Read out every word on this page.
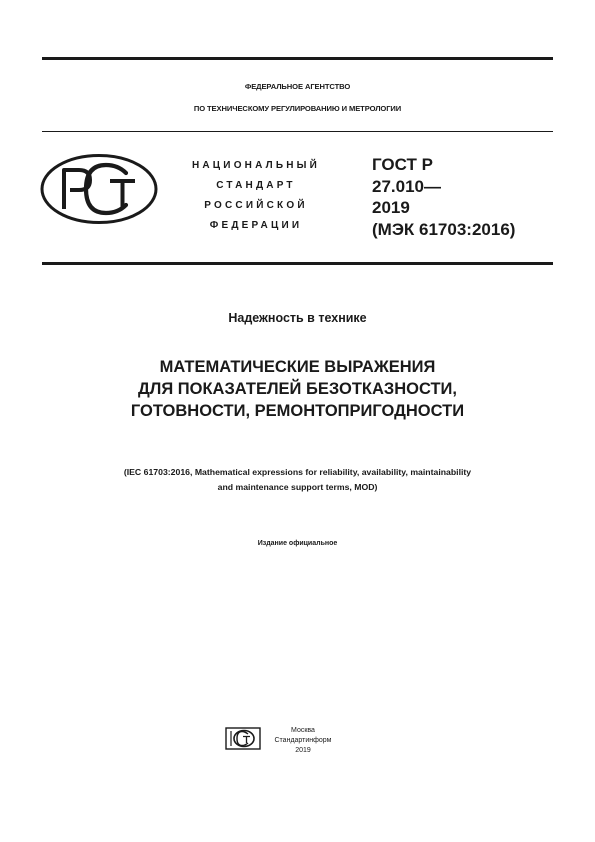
ФЕДЕРАЛЬНОЕ АГЕНТСТВО
ПО ТЕХНИЧЕСКОМУ РЕГУЛИРОВАНИЮ И МЕТРОЛОГИИ
НАЦИОНАЛЬНЫЙ
СТАНДАРТ
РОССИЙСКОЙ
ФЕДЕРАЦИИ
ГОСТ Р
27.010—
2019
(МЭК 61703:2016)
Надежность в технике
МАТЕМАТИЧЕСКИЕ ВЫРАЖЕНИЯ
ДЛЯ ПОКАЗАТЕЛЕЙ БЕЗОТКАЗНОСТИ,
ГОТОВНОСТИ, РЕМОНТОПРИГОДНОСТИ
(IEC 61703:2016, Mathematical expressions for reliability, availability, maintainability
and maintenance support terms, MOD)
Издание официальное
Москва
Стандартинформ
2019
